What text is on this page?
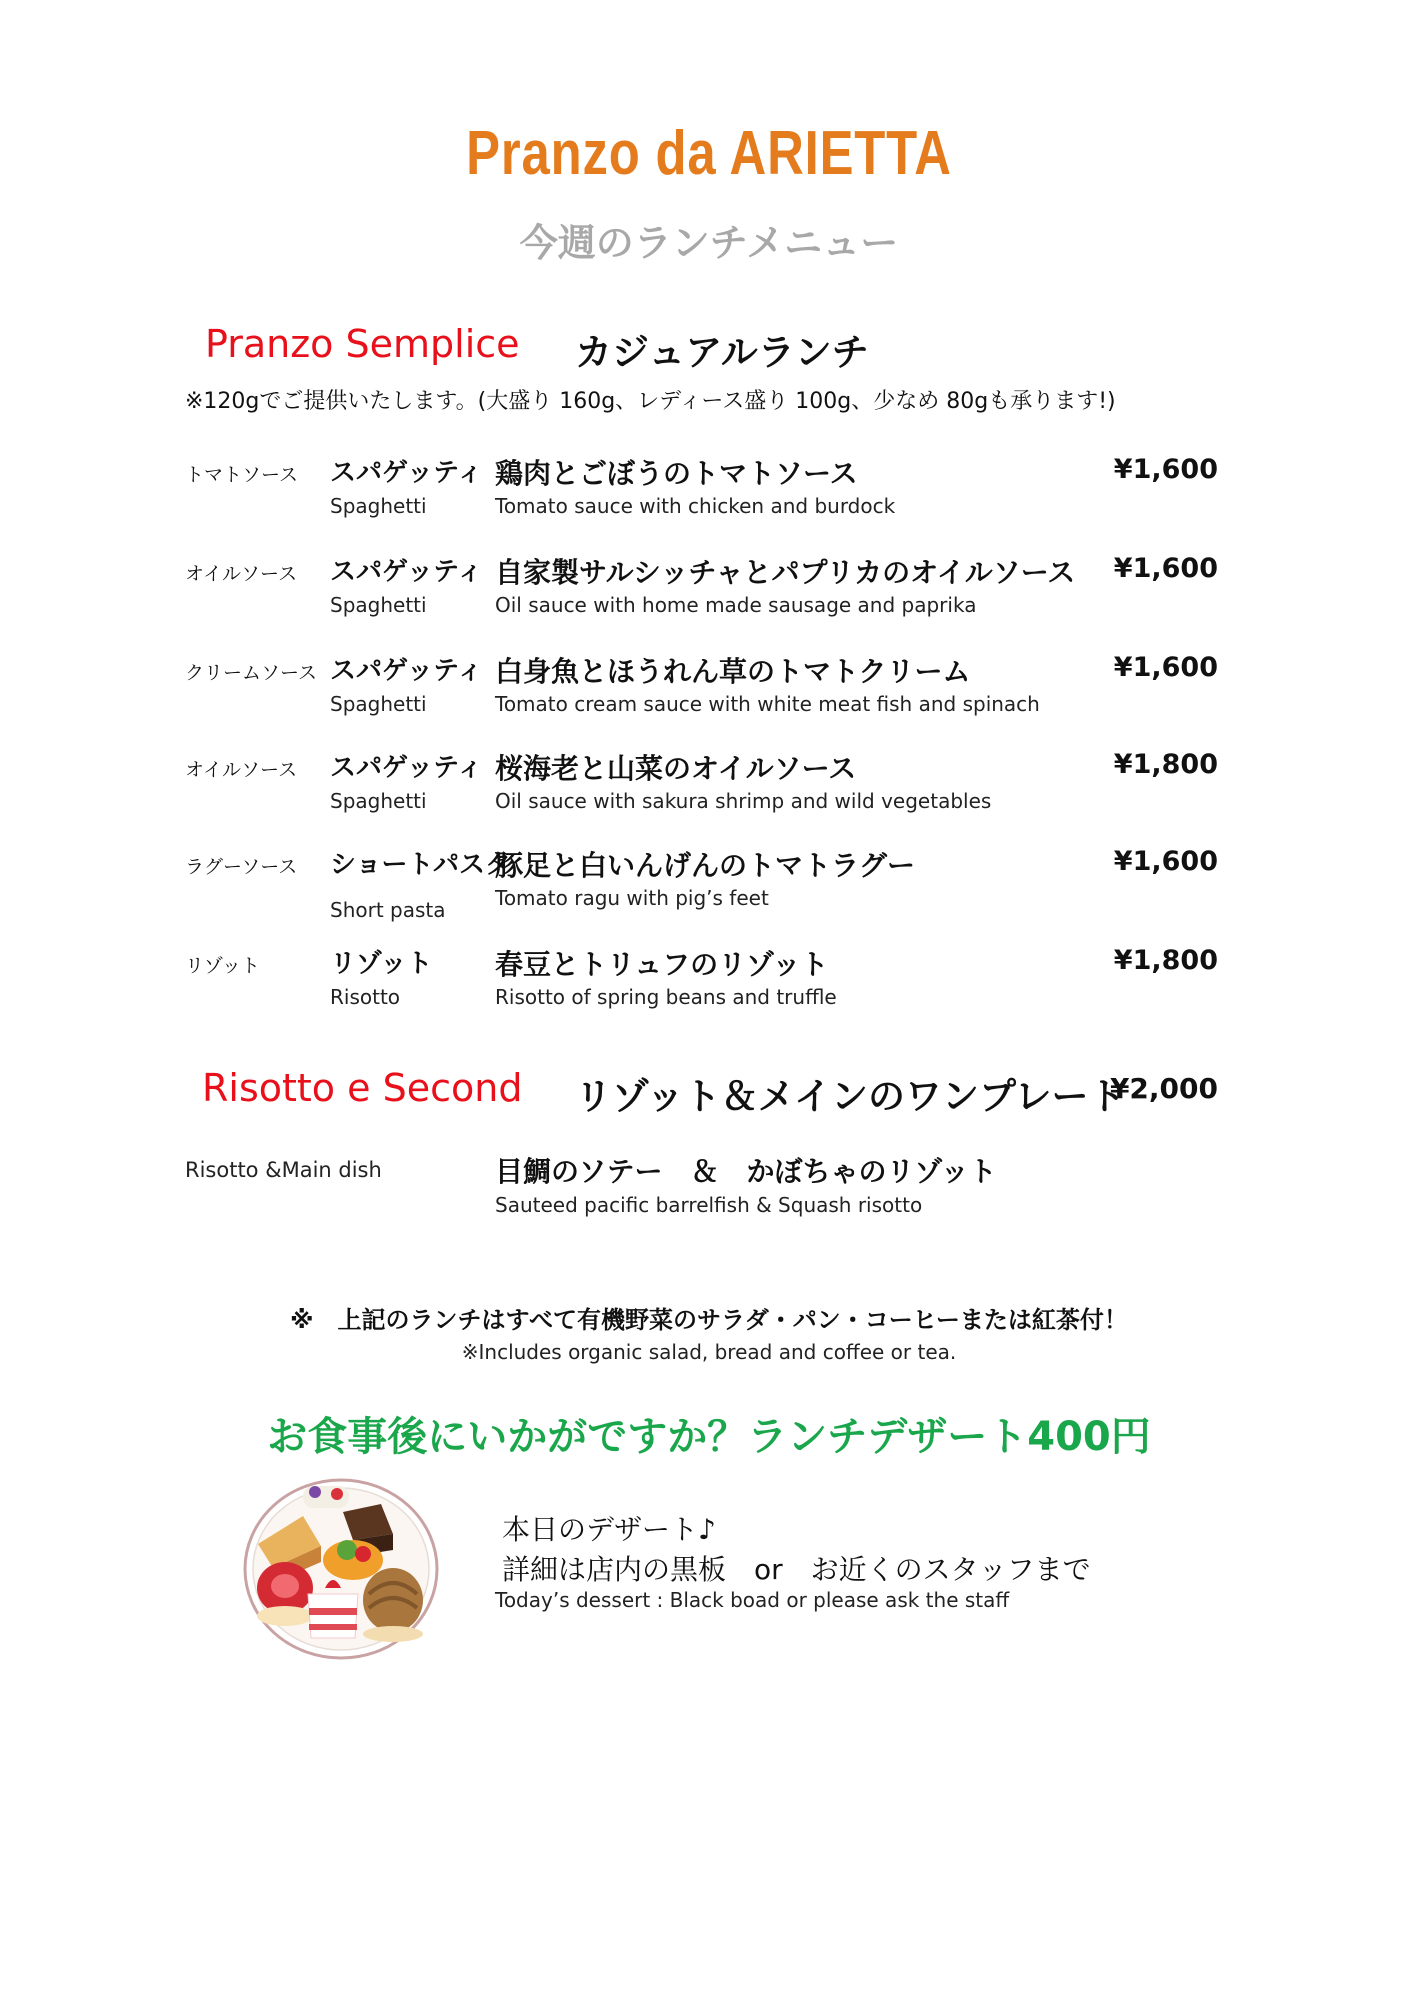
Pranzo da ARIETTA
今週のランチメニュー
Pranzo Semplice カジュアルランチ
※120gでご提供いたします。(大盛り 160g、レディース盛り 100g、少なめ 80gも承ります!)
トマトソース スパゲッティ
Spaghetti
鶏肉とごぼうのトマトソース
Tomato sauce with chicken and burdock
¥1,600
オイルソース スパゲッティ
Spaghetti
自家製サルシッチャとパプリカのオイルソース
Oil sauce with home made sausage and paprika
¥1,600
クリームソース スパゲッティ
Spaghetti
白身魚とほうれん草のトマトクリーム
Tomato cream sauce with white meat fish and spinach
¥1,600
オイルソース スパゲッティ
Spaghetti
桜海老と山菜のオイルソース
Oil sauce with sakura shrimp and wild vegetables
¥1,800
ラグーソース ショートパスタ
Short pasta
豚足と白いんげんのトマトラグー
Tomato ragu with pig’s feet
¥1,600
リゾット	リゾット
Risotto
春豆とトリュフのリゾット
Risotto of spring beans and truffle
¥1,800
Risotto e Second リゾット＆メインのワンプレート
¥2,000
Risotto &Main dish	目鯛のソテー　＆　かぼちゃのリゾット
Sauteed pacific barrelfish & Squash risotto
※　上記のランチはすべて有機野菜のサラダ・パン・コーヒーまたは紅茶付！
※Includes organic salad, bread and coffee or tea.
お食事後にいかがですか？ランチデザート400円
本日のデザート♪
詳細は店内の黒板　or　お近くのスタッフまで
Today’s dessert : Black boad or please ask the staff
